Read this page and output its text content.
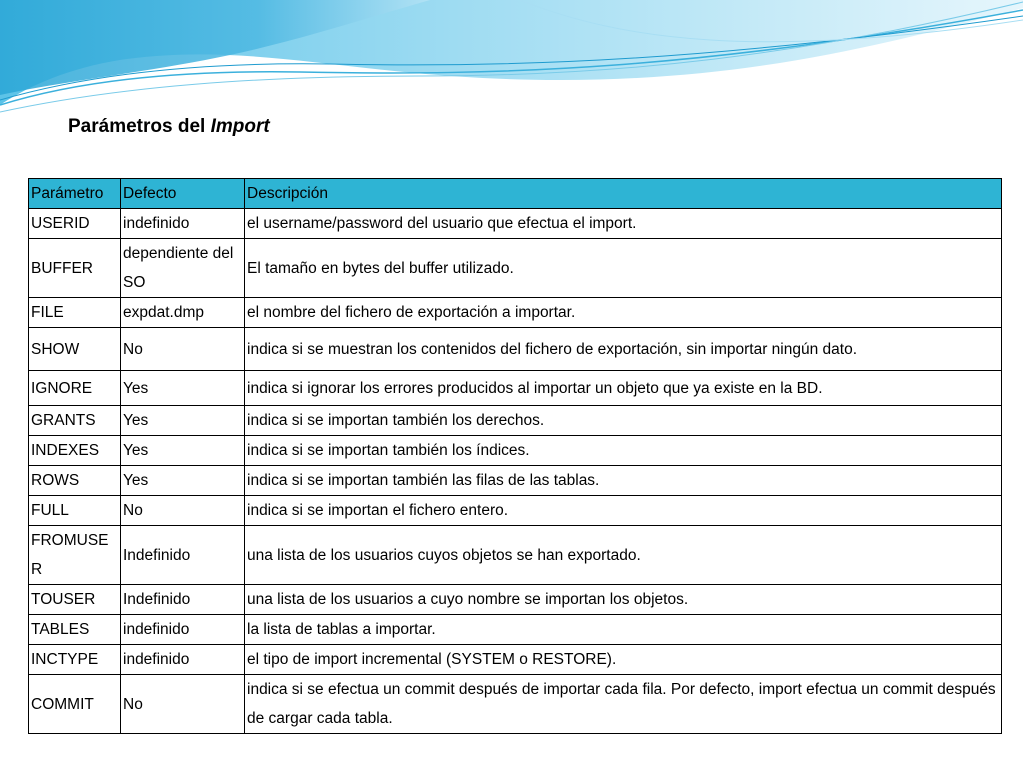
Parámetros del Import
Parámetro	Defecto	Descripción
USERID	indefinido	el username/password del usuario que efectua el import.
BUFFER	dependiente del SO	El tamaño en bytes del buffer utilizado.
FILE	expdat.dmp	el nombre del fichero de exportación a importar.
SHOW	No	indica si se muestran los contenidos del fichero de exportación, sin importar ningún dato.
IGNORE	Yes	indica si ignorar los errores producidos al importar un objeto que ya existe en la BD.
GRANTS	Yes	indica si se importan también los derechos.
INDEXES	Yes	indica si se importan también los índices.
ROWS	Yes	indica si se importan también las filas de las tablas.
FULL	No	indica si se importan el fichero entero.
FROMUSER	Indefinido	una lista de los usuarios cuyos objetos se han exportado.
TOUSER	Indefinido	una lista de los usuarios a cuyo nombre se importan los objetos.
TABLES	indefinido	la lista de tablas a importar.
INCTYPE	indefinido	el tipo de import incremental (SYSTEM o RESTORE).
COMMIT	No	indica si se efectua un commit después de importar cada fila. Por defecto, import efectua un commit después de cargar cada tabla.
